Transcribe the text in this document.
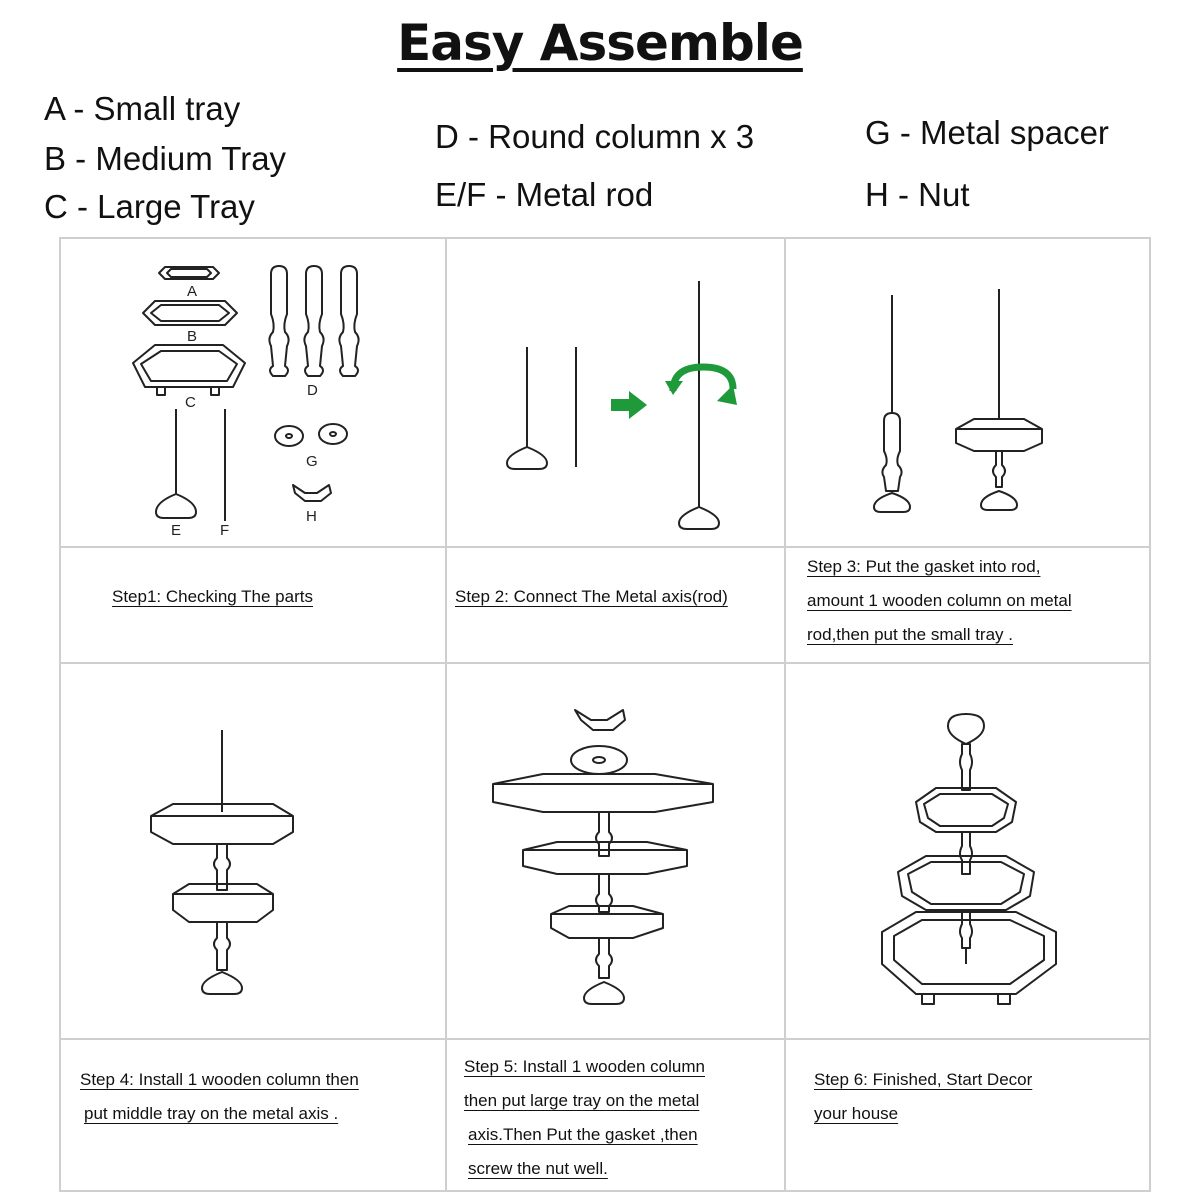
Easy Assemble
A - Small tray
B - Medium Tray
C - Large Tray
D - Round column x 3
E/F - Metal rod
G - Metal spacer
H - Nut
A
B
C
D
E	F
G
H
Step1: Checking The parts	Step 2: Connect The Metal axis(rod)
Step 3: Put the gasket into rod,
amount 1 wooden column on metal
rod,then put the small tray .
Step 4: Install 1 wooden column then
put middle tray on the metal axis .
Step 5: Install 1 wooden column
then put large tray on the metal
axis.Then Put the gasket ,then
screw the nut well.
Step 6: Finished, Start Decor
your house
